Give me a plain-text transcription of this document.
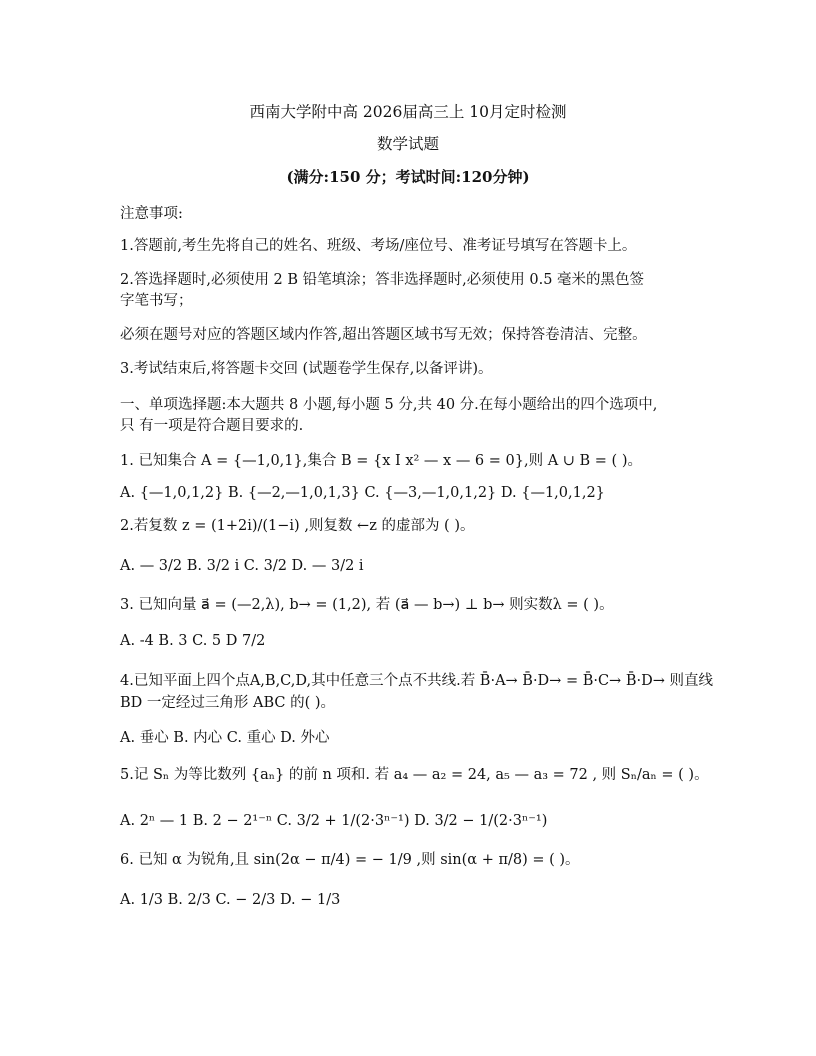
西南大学附中高 2026届高三上 10月定时检测
数学试题
(满分:150 分；考试时间:120分钟)
注意事项:
1.答题前,考生先将自己的姓名、班级、考场/座位号、准考证号填写在答题卡上。
2.答选择题时,必须使用 2 B 铅笔填涂；答非选择题时,必须使用 0.5 毫米的黑色签
字笔书写；
必须在题号对应的答题区域内作答,超出答题区域书写无效；保持答卷清洁、完整。
3.考试结束后,将答题卡交回 (试题卷学生保存,以备评讲)。
一、单项选择题:本大题共 8 小题,每小题 5 分,共 40 分.在每小题给出的四个选项中,
只 有一项是符合题目要求的.
1. 已知集合 A = {—1,0,1},集合 B = {x I x² — x — 6 = 0},则 A ∪ B = ( )。
A. {—1,0,1,2} B. {—2,—1,0,1,3} C. {—3,—1,0,1,2} D. {—1,0,1,2}
2.若复数 z = (1+2i)/(1−i) ,则复数 ←z 的虚部为 ( )。
A. — 3/2 B. 3/2 i C. 3/2 D. — 3/2 i
3. 已知向量 a⃗ = (—2,λ), b→ = (1,2), 若 (a⃗ — b→) ⊥ b→ 则实数λ = ( )。
A. -4 B. 3 C. 5 D 7/2
4.已知平面上四个点A,B,C,D,其中任意三个点不共线.若 B̄·A→ B̄·D→ = B̄·C→ B̄·D→ 则直线
BD 一定经过三角形 ABC 的( )。
A. 垂心 B. 内心 C. 重心 D. 外心
5.记 Sₙ 为等比数列 {aₙ} 的前 n 项和. 若 a₄ — a₂ = 24, a₅ — a₃ = 72 , 则 Sₙ/aₙ = ( )。
A. 2ⁿ — 1 B. 2 − 2¹⁻ⁿ C. 3/2 + 1/(2·3ⁿ⁻¹) D. 3/2 − 1/(2·3ⁿ⁻¹)
6. 已知 α 为锐角,且 sin(2α − π/4) = − 1/9 ,则 sin(α + π/8) = ( )。
A. 1/3 B. 2/3 C. − 2/3 D. − 1/3
